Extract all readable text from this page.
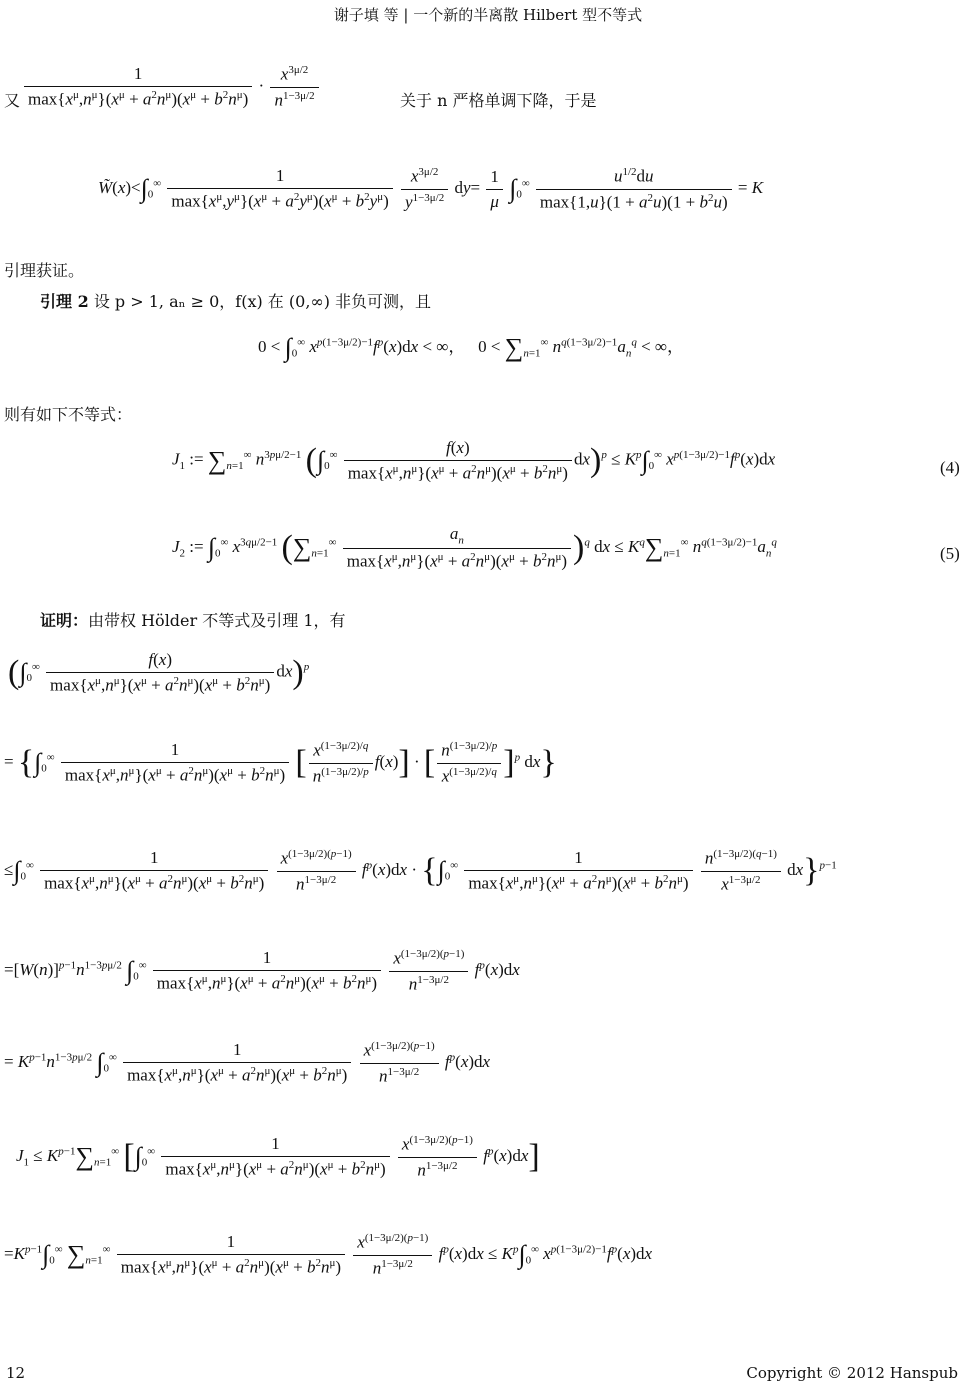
谢子填 等 | 一个新的半离散 Hilbert 型不等式
又 $\frac{1}{\max\{x^\mu,n^\mu\}(x^\mu + a^2n^\mu)(x^\mu + b^2n^\mu)} \cdot \frac{x^{3\mu/2}}{n^{1-3\mu/2}}$	关于 n 严格单调下降，于是
$W̃(x)<\int_0^\infty \frac{1}{\max\{x^\mu,y^\mu\}(x^\mu + a^2y^\mu)(x^\mu + b^2y^\mu)}$
$\frac{x^{3\mu/2}}{y^{1-3\mu/2}} dy= \frac{1}{\mu} \int_0^\infty \frac{u^{1/2}du}{\max\{1,u\}(1 + a^2u)(1 + b^2u)} = K$
引理获证。
引理 2 设 p > 1, aₙ ≥ 0，f(x) 在 (0,∞) 非负可测，且
$0 < \int_0^\infty$ $x^{p(1-3\mu/2)-1}f^p(x)dx$ < ∞，   $0 < \sum_{n=1}^\infty$ $n^{q(1-3\mu/2)-1}a_n^q$ < ∞，
则有如下不等式：
$J_1$ := $\sum_{n=1}^\infty$ $n^{3p\mu/2-1}$ $(\int_0^\infty \frac{f(x)}{\max\{x^\mu,n^\mu\}(x^\mu + a^2n^\mu)(x^\mu + b^2n^\mu)} dx)^p \le K^p\int_0^\infty$ $x^{p(1-3\mu/2)-1}f^p(x)dx$	(4)
$J_2$ := $\int_0^\infty$ $x^{3q\mu/2-1}$ $(\sum_{n=1}^\infty \frac{a_n}{\max\{x^\mu,n^\mu\}(x^\mu + a^2n^\mu)(x^\mu + b^2n^\mu)} )^q$ dx ≤ $K^q\sum_{n=1}^\infty$ $n^{q(1-3\mu/2)-1}a_n^q$
(5)
证明：由带权 Hölder 不等式及引理 1，有
$(\int_0^\infty \frac{f(x)}{\max\{x^\mu,n^\mu\}(x^\mu + a^2n^\mu)(x^\mu + b^2n^\mu)} dx)^p$
= {$\int_0^\infty \frac{1}{\max\{x^\mu,n^\mu\}(x^\mu + a^2n^\mu)(x^\mu + b^2n^\mu)}$ [ $\frac{x^{(1-3\mu/2)/q}}{n^{(1-3\mu/2)/p}} f(x)$] · [ $\frac{n^{(1-3\mu/2)/p}}{x^{(1-3\mu/2)/q}} ]^p$ dx}
$\le\int_0^\infty \frac{1}{\max\{x^\mu,n^\mu\}(x^\mu + a^2n^\mu)(x^\mu + b^2n^\mu)}$
$\frac{x^{(1-3\mu/2)(p-1)}}{n^{1-3\mu/2}} f^p(x)dx \cdot \{\int_0^\infty \frac{1}{\max\{x^\mu,n^\mu\}(x^\mu + a^2n^\mu)(x^\mu + b^2n^\mu)}$
$\frac{n^{(1-3\mu/2)(q-1)}}{x^{1-3\mu/2}} dx\}^{p-1}$
$=[W(n)]^{p-1}n^{1-3p\mu/2}$ $\int_0^\infty \frac{1}{\max\{x^\mu,n^\mu\}(x^\mu + a^2n^\mu)(x^\mu + b^2n^\mu)}$
$\frac{x^{(1-3\mu/2)(p-1)}}{n^{1-3\mu/2}} f^p(x)dx$
= $K^{p-1}n^{1-3p\mu/2}$ $\int_0^\infty \frac{1}{\max\{x^\mu,n^\mu\}(x^\mu + a^2n^\mu)(x^\mu + b^2n^\mu)}$
$\frac{x^{(1-3\mu/2)(p-1)}}{n^{1-3\mu/2}} f^p(x)dx$
$J_1 \le K^{p-1}\sum_{n=1}^\infty$ [$\int_0^\infty \frac{1}{\max\{x^\mu,n^\mu\}(x^\mu + a^2n^\mu)(x^\mu + b^2n^\mu)}$
$\frac{x^{(1-3\mu/2)(p-1)}}{n^{1-3\mu/2}} f^p(x)dx$]
$=K^{p-1}\int_0^\infty$ $\sum_{n=1}^\infty \frac{1}{\max\{x^\mu,n^\mu\}(x^\mu + a^2n^\mu)(x^\mu + b^2n^\mu)}$
$\frac{x^{(1-3\mu/2)(p-1)}}{n^{1-3\mu/2}} f^p(x)dx \le K^p\int_0^\infty$ $x^{p(1-3\mu/2)-1}f^p(x)dx$
12	Copyright © 2012 Hanspub
